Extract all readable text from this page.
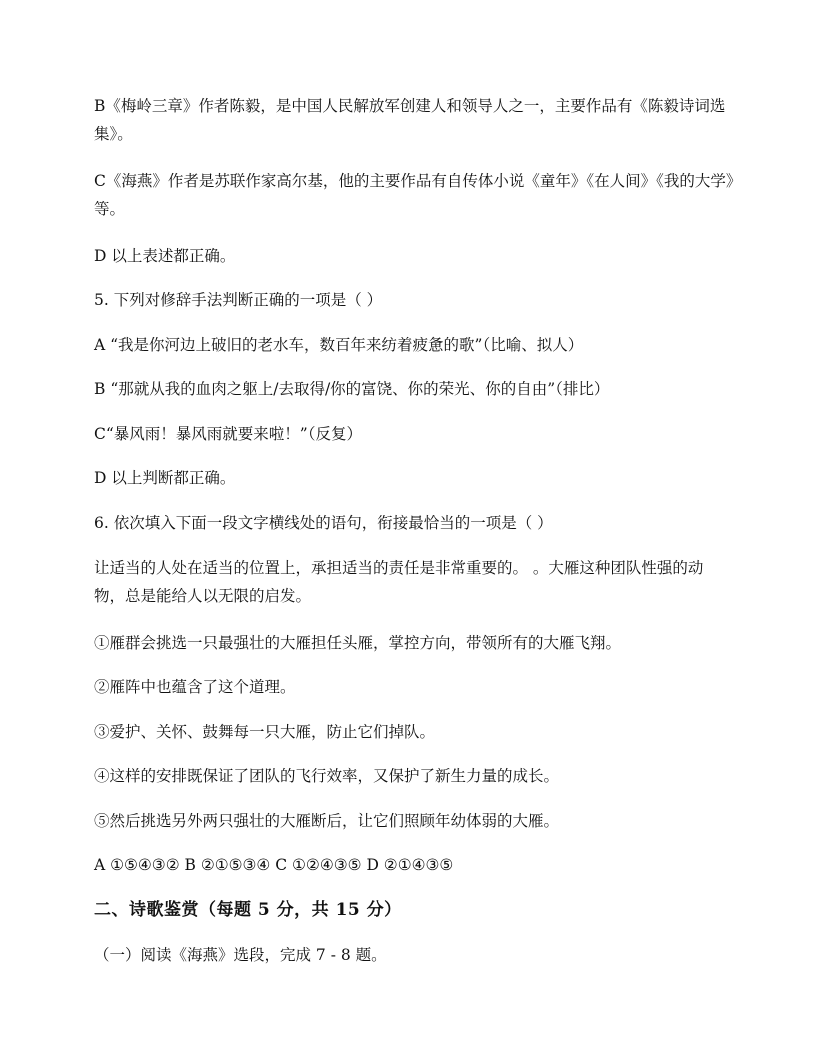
B《梅岭三章》作者陈毅，是中国人民解放军创建人和领导人之一，主要作品有《陈毅诗词选集》。
C《海燕》作者是苏联作家高尔基，他的主要作品有自传体小说《童年》《在人间》《我的大学》等。
D 以上表述都正确。
5. 下列对修辞手法判断正确的一项是（ ）
A “我是你河边上破旧的老水车，数百年来纺着疲惫的歌”（比喻、拟人）
B “那就从我的血肉之躯上/去取得/你的富饶、你的荣光、你的自由”（排比）
C“暴风雨！暴风雨就要来啦！”（反复）
D 以上判断都正确。
6. 依次填入下面一段文字横线处的语句，衔接最恰当的一项是（ ）
让适当的人处在适当的位置上，承担适当的责任是非常重要的。 。大雁这种团队性强的动物，总是能给人以无限的启发。
①雁群会挑选一只最强壮的大雁担任头雁，掌控方向，带领所有的大雁飞翔。
②雁阵中也蕴含了这个道理。
③爱护、关怀、鼓舞每一只大雁，防止它们掉队。
④这样的安排既保证了团队的飞行效率，又保护了新生力量的成长。
⑤然后挑选另外两只强壮的大雁断后，让它们照顾年幼体弱的大雁。
A ①⑤④③② B ②①⑤③④ C ①②④③⑤ D ②①④③⑤
二、诗歌鉴赏（每题 5 分，共 15 分）
（一）阅读《海燕》选段，完成 7 - 8 题。
